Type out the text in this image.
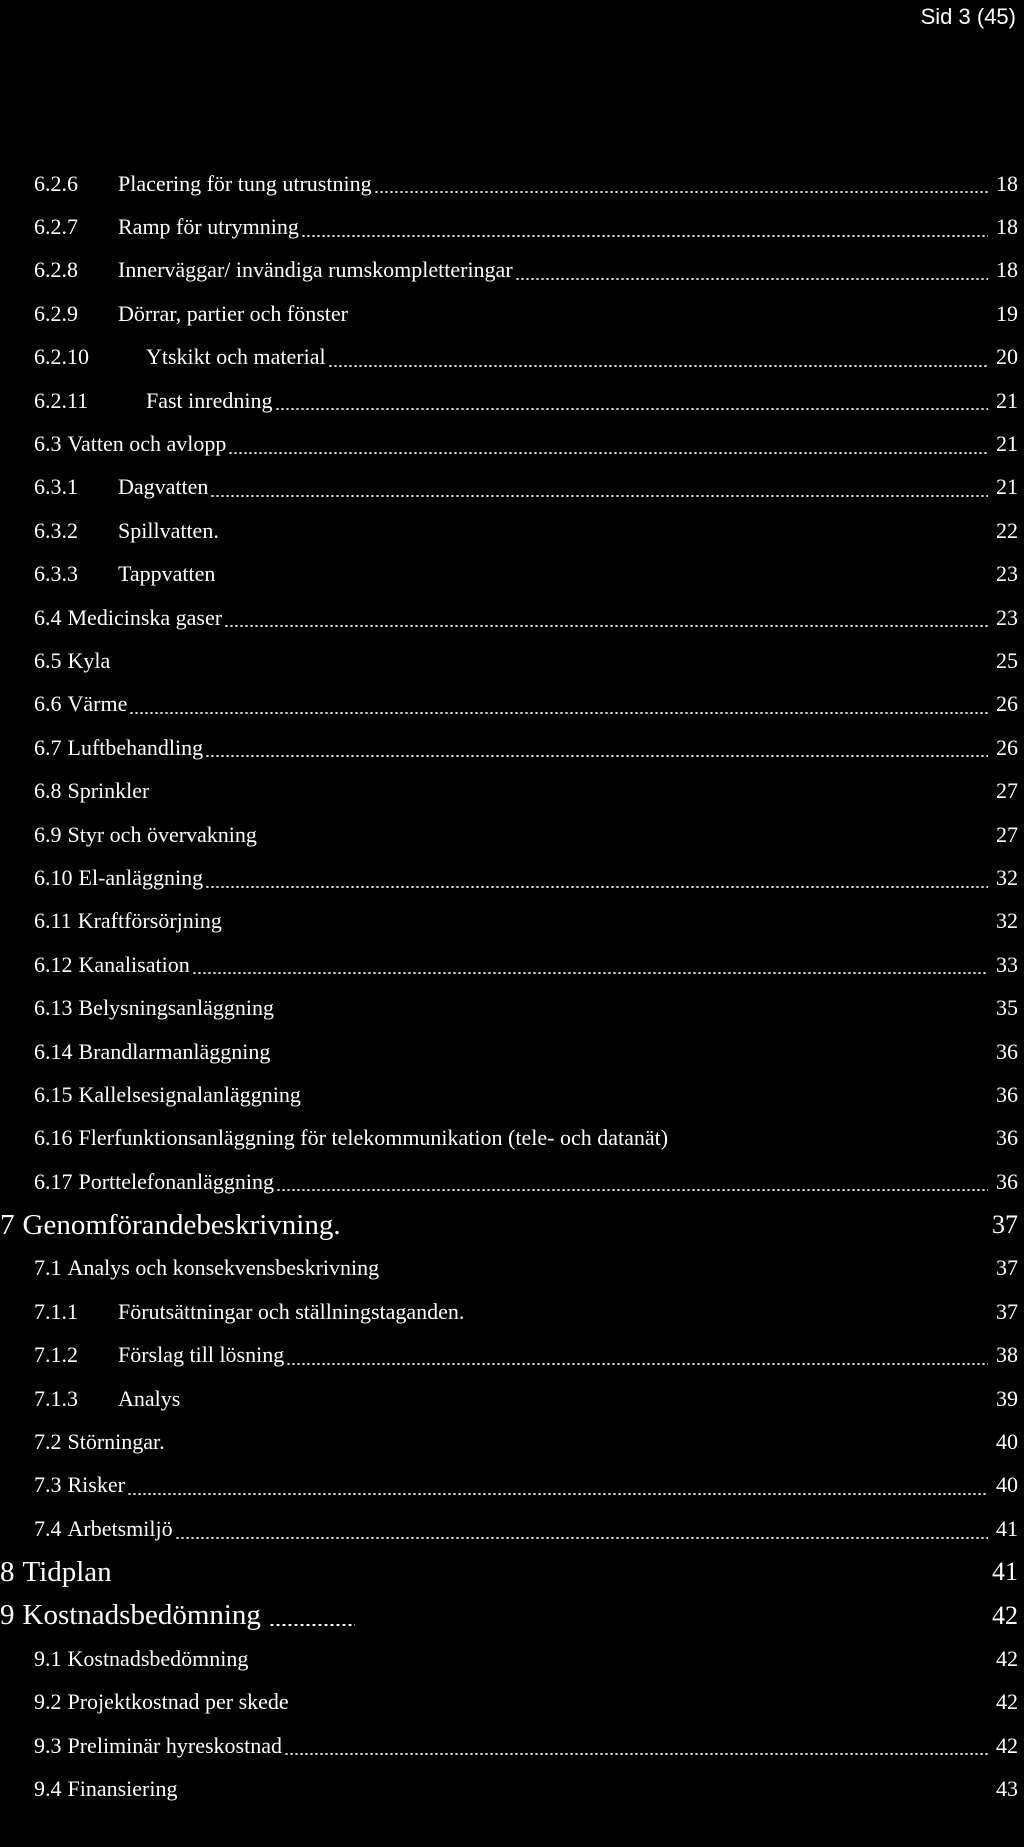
Sid 3 (45)
6.2.6	Placering för tung utrustning	18
6.2.7	Ramp för utrymning	18
6.2.8	Innerväggar/ invändiga rumskompletteringar	18
6.2.9	Dörrar, partier och fönster	19
6.2.10	Ytskikt och material	20
6.2.11	Fast inredning	21
6.3 Vatten och avlopp	21
6.3.1	Dagvatten	21
6.3.2	Spillvatten.	22
6.3.3	Tappvatten	23
6.4 Medicinska gaser	23
6.5 Kyla	25
6.6 Värme	26
6.7 Luftbehandling	26
6.8 Sprinkler	27
6.9 Styr och övervakning	27
6.10 El-anläggning	32
6.11 Kraftförsörjning	32
6.12 Kanalisation	33
6.13 Belysningsanläggning	35
6.14 Brandlarmanläggning	36
6.15 Kallelsesignalanläggning	36
6.16 Flerfunktionsanläggning för telekommunikation (tele- och datanät)	36
6.17 Porttelefonanläggning	36
7 Genomförandebeskrivning.	37
7.1 Analys och konsekvensbeskrivning	37
7.1.1	Förutsättningar och ställningstaganden.	37
7.1.2	Förslag till lösning	38
7.1.3	Analys	39
7.2 Störningar.	40
7.3 Risker	40
7.4 Arbetsmiljö	41
8 Tidplan	41
9 Kostnadsbedömning	42
9.1 Kostnadsbedömning	42
9.2 Projektkostnad per skede	42
9.3 Preliminär hyreskostnad	42
9.4 Finansiering	43
